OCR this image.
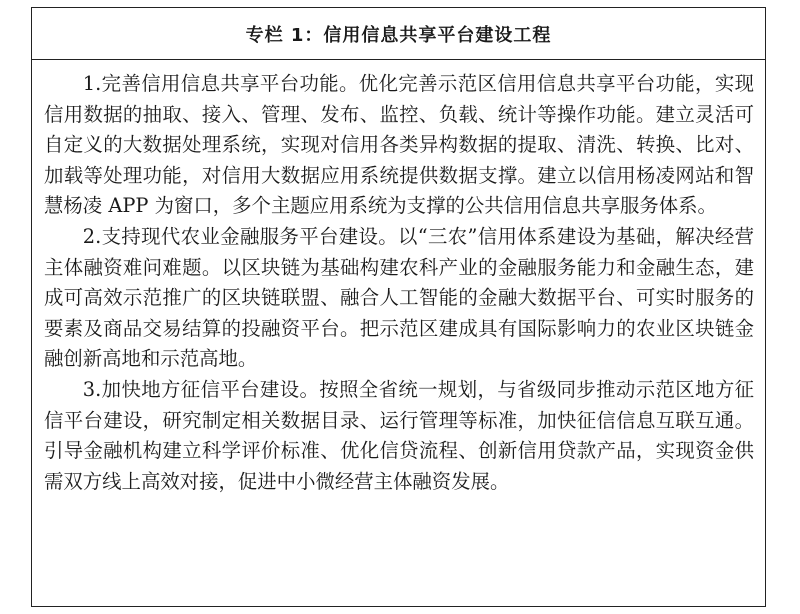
专栏 1：信用信息共享平台建设工程

1.完善信用信息共享平台功能。优化完善示范区信用信息共享平台功能，实现信用数据的抽取、接入、管理、发布、监控、负载、统计等操作功能。建立灵活可自定义的大数据处理系统，实现对信用各类异构数据的提取、清洗、转换、比对、加载等处理功能，对信用大数据应用系统提供数据支撑。建立以信用杨凌网站和智慧杨凌 APP 为窗口，多个主题应用系统为支撑的公共信用信息共享服务体系。

2.支持现代农业金融服务平台建设。以“三农”信用体系建设为基础，解决经营主体融资难问难题。以区块链为基础构建农科产业的金融服务能力和金融生态，建成可高效示范推广的区块链联盟、融合人工智能的金融大数据平台、可实时服务的要素及商品交易结算的投融资平台。把示范区建成具有国际影响力的农业区块链金融创新高地和示范高地。

3.加快地方征信平台建设。按照全省统一规划，与省级同步推动示范区地方征信平台建设，研究制定相关数据目录、运行管理等标准，加快征信信息互联互通。引导金融机构建立科学评价标准、优化信贷流程、创新信用贷款产品，实现资金供需双方线上高效对接，促进中小微经营主体融资发展。
